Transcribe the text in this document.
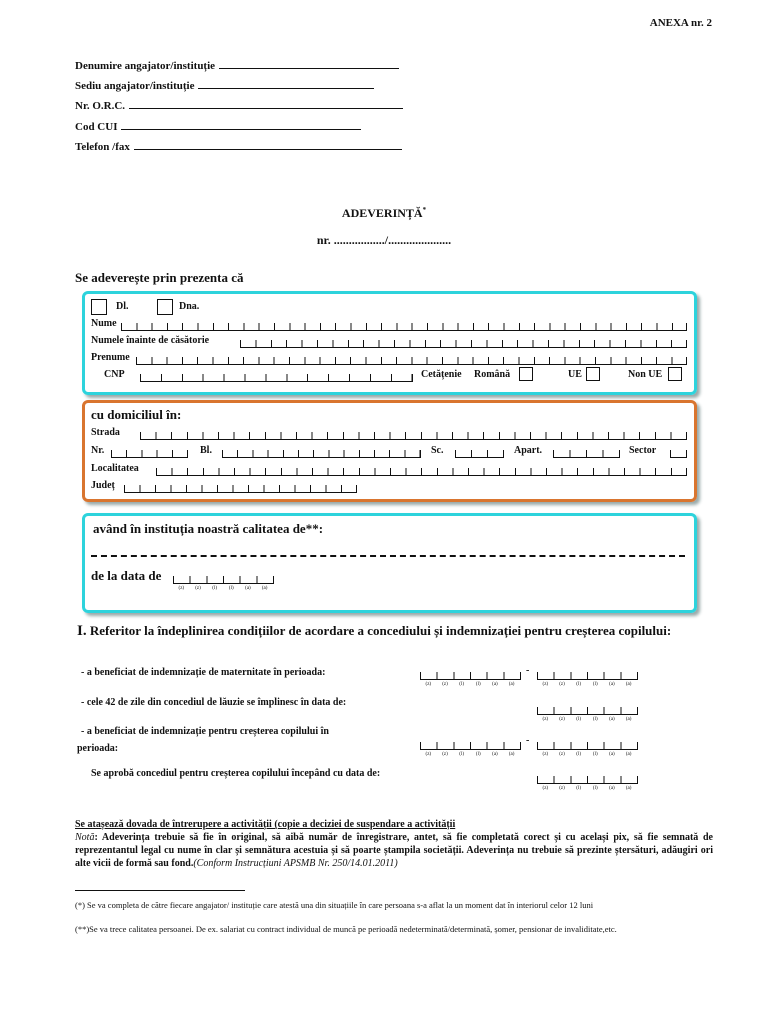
ANEXA nr. 2
Denumire angajator/instituție
Sediu angajator/instituție
Nr. O.R.C.
Cod CUI
Telefon /fax
ADEVERINȚĂ*
nr. ................./.....................
Se adeverește prin prezenta că
Dl.	Dna.
Nume
Numele înainte de căsătorie
Prenume
CNP	Cetățenie Română	UE	Non UE
cu domiciliul în:
Strada
Nr.	Bl.	Sc.	Apart.	Sector
Localitatea
Județ
având în instituția noastră calitatea de**:
de la data de
(z) (z) (l) (l) (a) (a)
I. Referitor la îndeplinirea condițiilor de acordare a concediului și indemnizației pentru creșterea copilului:
- a beneficiat de indemnizație de maternitate în perioada:
(z) (z) (l) (l) (a) (a)
-
(z) (z) (l) (l) (a) (a)
- cele 42 de zile din concediul de lăuzie se împlinesc în data de:
(z) (z) (l) (l) (a) (a)
- a beneficiat de indemnizație pentru creșterea copilului în
perioada:
(z) (z) (l) (l) (a) (a)
-
(z) (z) (l) (l) (a) (a)
Se aprobă concediul pentru creșterea copilului începând cu data de:
(z) (z) (l) (l) (a) (a)
Se atașează dovada de întrerupere a activității (copie a deciziei de suspendare a activității
Notă: Adeverința trebuie să fie în original, să aibă număr de înregistrare, antet, să fie completată corect și cu același pix, să fie semnată de reprezentantul legal cu nume în clar și semnătura acestuia și să poarte ștampila societății. Adeverința nu trebuie să prezinte ștersături, adăugiri ori alte vicii de formă sau fond.(Conform Instrucțiuni APSMB Nr. 250/14.01.2011)
(*) Se va completa de către fiecare angajator/ instituție care atestă una din situațiile în care persoana s-a aflat la un moment dat în interiorul celor 12 luni
(**)Se va trece calitatea persoanei. De ex. salariat cu contract individual de muncă pe perioadă nedeterminată/determinată, șomer, pensionar de invaliditate,etc.
